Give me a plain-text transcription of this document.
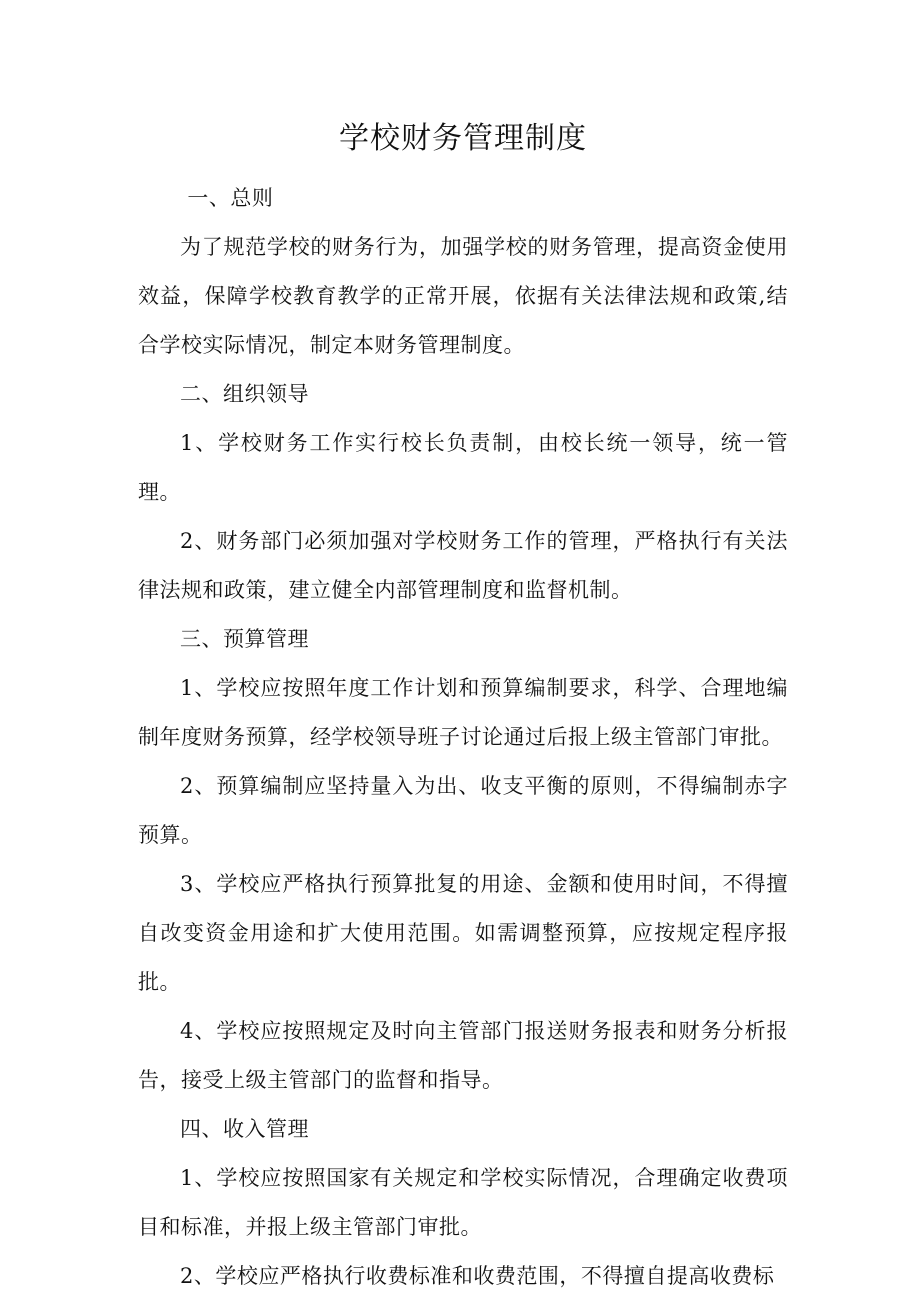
学校财务管理制度

一、总则

为了规范学校的财务行为，加强学校的财务管理，提高资金使用效益，保障学校教育教学的正常开展，依据有关法律法规和政策,结合学校实际情况，制定本财务管理制度。

二、组织领导

1、学校财务工作实行校长负责制，由校长统一领导，统一管理。

2、财务部门必须加强对学校财务工作的管理，严格执行有关法律法规和政策，建立健全内部管理制度和监督机制。

三、预算管理

1、学校应按照年度工作计划和预算编制要求，科学、合理地编制年度财务预算，经学校领导班子讨论通过后报上级主管部门审批。

2、预算编制应坚持量入为出、收支平衡的原则，不得编制赤字预算。

3、学校应严格执行预算批复的用途、金额和使用时间，不得擅自改变资金用途和扩大使用范围。如需调整预算，应按规定程序报批。

4、学校应按照规定及时向主管部门报送财务报表和财务分析报告，接受上级主管部门的监督和指导。

四、收入管理

1、学校应按照国家有关规定和学校实际情况，合理确定收费项目和标准，并报上级主管部门审批。

2、学校应严格执行收费标准和收费范围，不得擅自提高收费标
